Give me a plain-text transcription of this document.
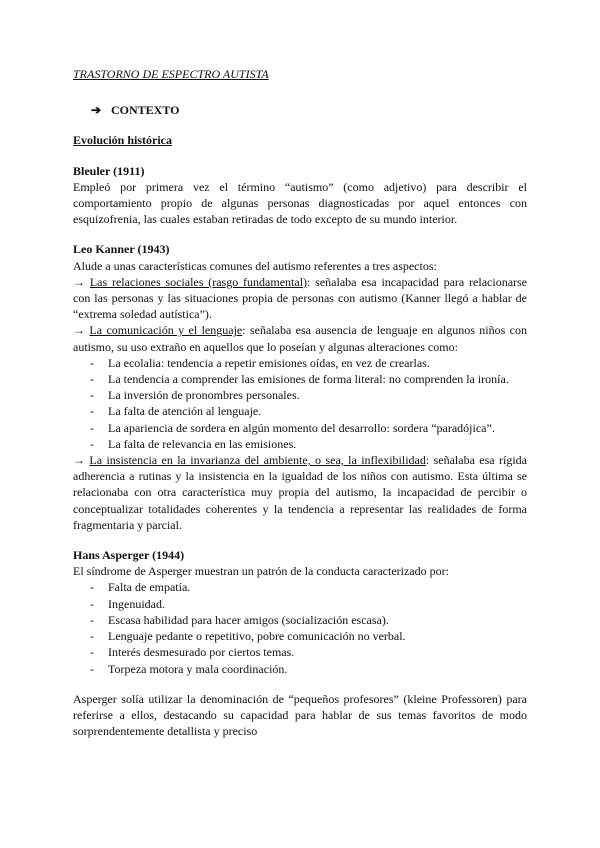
TRASTORNO DE ESPECTRO AUTISTA

➔ CONTEXTO
Evolución histórica
Bleuler (1911)

Empleó por primera vez el término “autismo” (como adjetivo) para describir el comportamiento propio de algunas personas diagnosticadas por aquel entonces con esquizofrenia, las cuales estaban retiradas de todo excepto de su mundo interior.

Leo Kanner (1943)

Alude a unas características comunes del autismo referentes a tres aspectos:

→ Las relaciones sociales (rasgo fundamental): señalaba esa incapacidad para relacionarse con las personas y las situaciones propia de personas con autismo (Kanner llegó a hablar de “extrema soledad autística”).

→ La comunicación y el lenguaje: señalaba esa ausencia de lenguaje en algunos niños con autismo, su uso extraño en aquellos que lo poseían y algunas alteraciones como:

- La ecolalia: tendencia a repetir emisiones oídas, en vez de crearlas.
- La tendencia a comprender las emisiones de forma literal: no comprenden la ironía.
- La inversión de pronombres personales.
- La falta de atención al lenguaje.
- La apariencia de sordera en algún momento del desarrollo: sordera “paradójica”.
- La falta de relevancia en las emisiones.

→ La insistencia en la invarianza del ambiente, o sea, la inflexibilidad: señalaba esa rígida adherencia a rutinas y la insistencia en la igualdad de los niños con autismo. Esta última se relacionaba con otra característica muy propia del autismo, la incapacidad de percibir o conceptualizar totalidades coherentes y la tendencia a representar las realidades de forma fragmentaria y parcial.

Hans Asperger (1944)

El síndrome de Asperger muestran un patrón de la conducta caracterizado por:

- Falta de empatía.
- Ingenuidad.
- Escasa habilidad para hacer amigos (socialización escasa).
- Lenguaje pedante o repetitivo, pobre comunicación no verbal.
- Interés desmesurado por ciertos temas.
- Torpeza motora y mala coordinación.

Asperger solía utilizar la denominación de “pequeños profesores” (kleine Professoren) para referirse a ellos, destacando su capacidad para hablar de sus temas favoritos de modo sorprendentemente detallista y preciso
